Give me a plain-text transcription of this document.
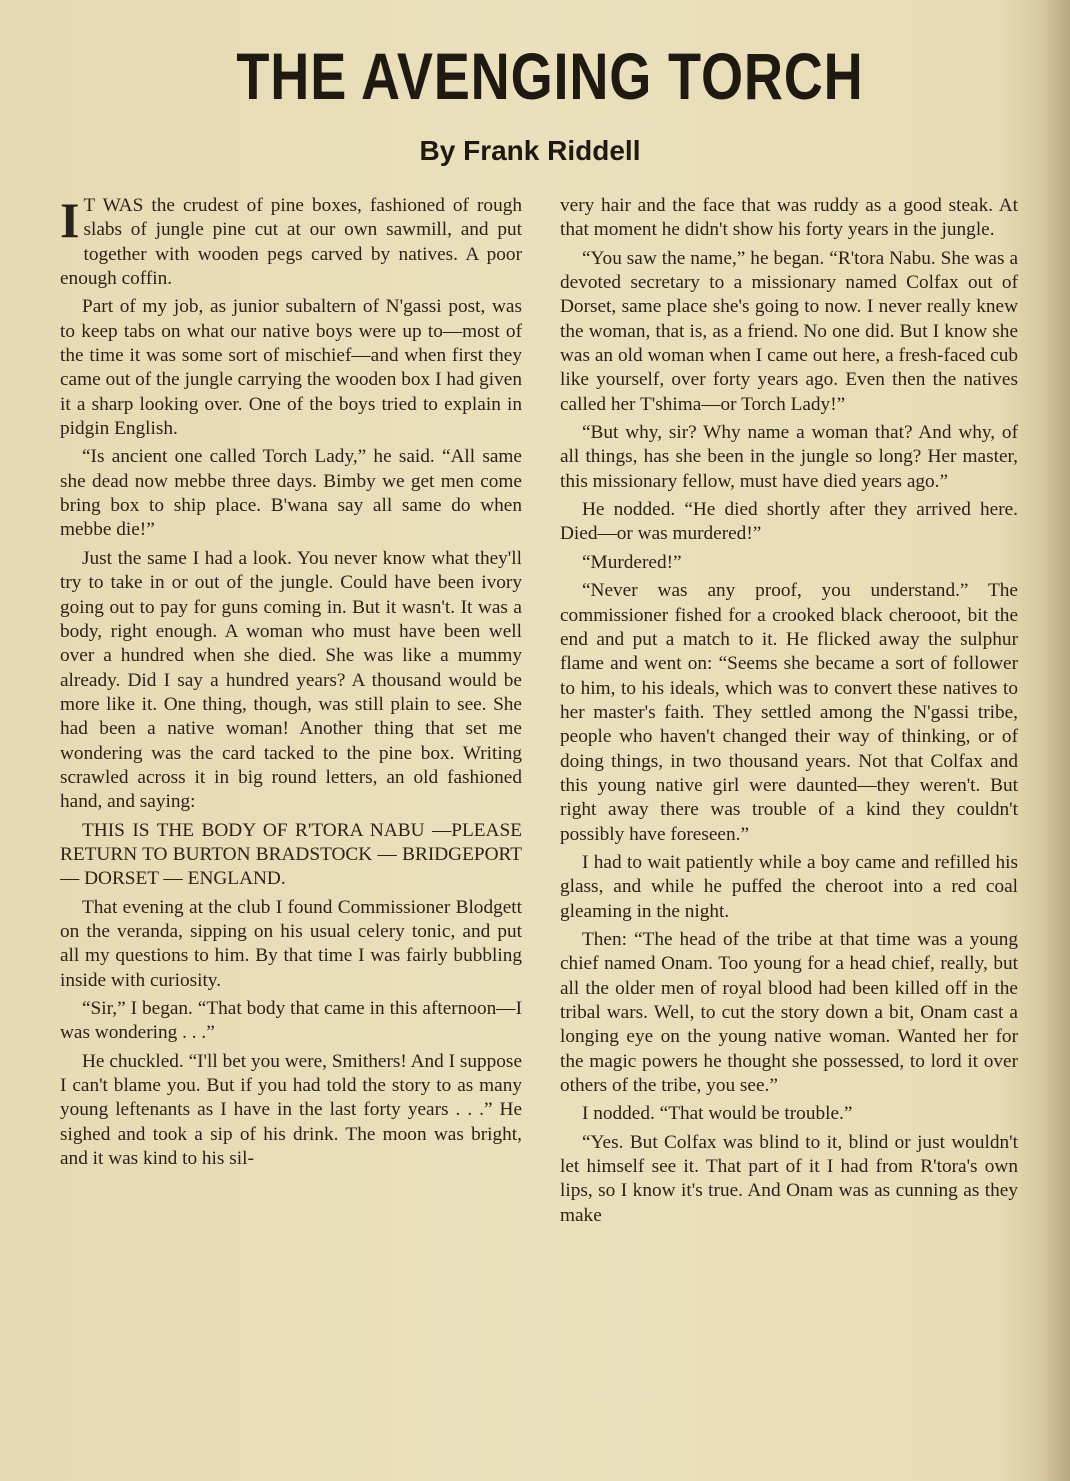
THE AVENGING TORCH
By Frank Riddell

I T WAS the crudest of pine boxes, fashioned of rough slabs of jungle pine cut at our own sawmill, and put together with wooden pegs carved by natives. A poor enough coffin.

Part of my job, as junior subaltern of N'gassi post, was to keep tabs on what our native boys were up to—most of the time it was some sort of mischief—and when first they came out of the jungle carrying the wooden box I had given it a sharp looking over. One of the boys tried to explain in pidgin English.

“Is ancient one called Torch Lady,” he said. “All same she dead now mebbe three days. Bimby we get men come bring box to ship place. B'wana say all same do when mebbe die!”

Just the same I had a look. You never know what they'll try to take in or out of the jungle. Could have been ivory going out to pay for guns coming in. But it wasn't. It was a body, right enough. A woman who must have been well over a hundred when she died. She was like a mummy already. Did I say a hundred years? A thousand would be more like it. One thing, though, was still plain to see. She had been a native woman! Another thing that set me wondering was the card tacked to the pine box. Writing scrawled across it in big round letters, an old fashioned hand, and saying:

THIS IS THE BODY OF R'TORA NABU —PLEASE RETURN TO BURTON BRADSTOCK — BRIDGEPORT — DORSET — ENGLAND.

That evening at the club I found Commissioner Blodgett on the veranda, sipping on his usual celery tonic, and put all my questions to him. By that time I was fairly bubbling inside with curiosity.

“Sir,” I began. “That body that came in this afternoon—I was wondering . . .”

He chuckled. “I'll bet you were, Smithers! And I suppose I can't blame you. But if you had told the story to as many young leftenants as I have in the last forty years . . .” He sighed and took a sip of his drink. The moon was bright, and it was kind to his sil-

very hair and the face that was ruddy as a good steak. At that moment he didn't show his forty years in the jungle.

“You saw the name,” he began. “R'tora Nabu. She was a devoted secretary to a missionary named Colfax out of Dorset, same place she's going to now. I never really knew the woman, that is, as a friend. No one did. But I know she was an old woman when I came out here, a fresh-faced cub like yourself, over forty years ago. Even then the natives called her T'shima—or Torch Lady!”

“But why, sir? Why name a woman that? And why, of all things, has she been in the jungle so long? Her master, this missionary fellow, must have died years ago.”

He nodded. “He died shortly after they arrived here. Died—or was murdered!”

“Murdered!”

“Never was any proof, you understand.” The commissioner fished for a crooked black cherooot, bit the end and put a match to it. He flicked away the sulphur flame and went on: “Seems she became a sort of follower to him, to his ideals, which was to convert these natives to her master's faith. They settled among the N'gassi tribe, people who haven't changed their way of thinking, or of doing things, in two thousand years. Not that Colfax and this young native girl were daunted—they weren't. But right away there was trouble of a kind they couldn't possibly have foreseen.”

I had to wait patiently while a boy came and refilled his glass, and while he puffed the cheroot into a red coal gleaming in the night.

Then: “The head of the tribe at that time was a young chief named Onam. Too young for a head chief, really, but all the older men of royal blood had been killed off in the tribal wars. Well, to cut the story down a bit, Onam cast a longing eye on the young native woman. Wanted her for the magic powers he thought she possessed, to lord it over others of the tribe, you see.”

I nodded. “That would be trouble.”

“Yes. But Colfax was blind to it, blind or just wouldn't let himself see it. That part of it I had from R'tora's own lips, so I know it's true. And Onam was as cunning as they make
